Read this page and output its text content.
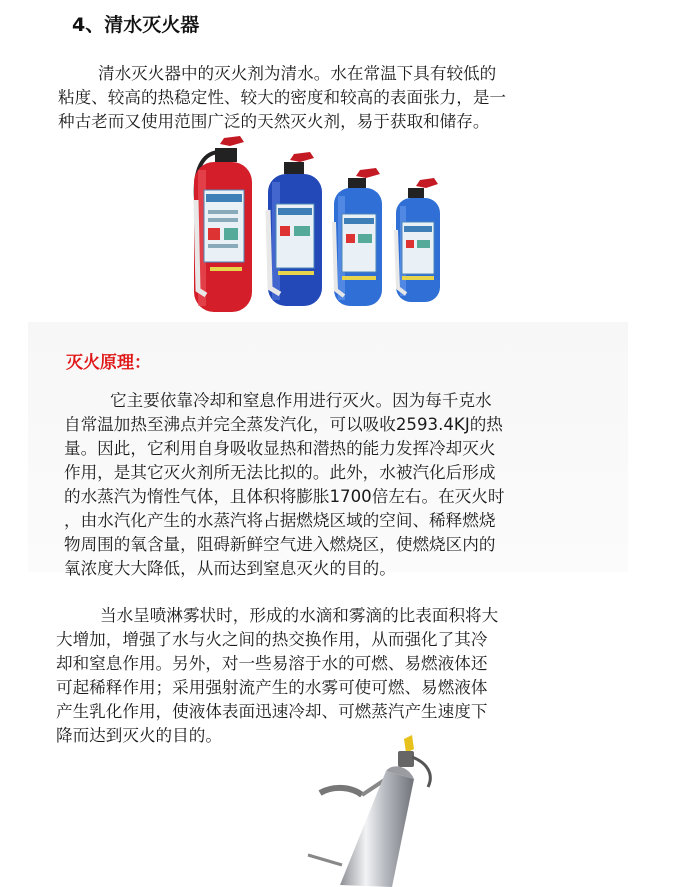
4、清水灭火器

清水灭火器中的灭火剂为清水。水在常温下具有较低的
粘度、较高的热稳定性、较大的密度和较高的表面张力，是一
种古老而又使用范围广泛的天然灭火剂，易于获取和储存。

灭火原理：

它主要依靠冷却和窒息作用进行灭火。因为每千克水
自常温加热至沸点并完全蒸发汽化，可以吸收2593.4KJ的热
量。因此，它利用自身吸收显热和潜热的能力发挥冷却灭火
作用，是其它灭火剂所无法比拟的。此外，水被汽化后形成
的水蒸汽为惰性气体，且体积将膨胀1700倍左右。在灭火时
，由水汽化产生的水蒸汽将占据燃烧区域的空间、稀释燃烧
物周围的氧含量，阻碍新鲜空气进入燃烧区，使燃烧区内的
氧浓度大大降低，从而达到窒息灭火的目的。

当水呈喷淋雾状时，形成的水滴和雾滴的比表面积将大
大增加，增强了水与火之间的热交换作用，从而强化了其冷
却和窒息作用。另外，对一些易溶于水的可燃、易燃液体还
可起稀释作用；采用强射流产生的水雾可使可燃、易燃液体
产生乳化作用，使液体表面迅速冷却、可燃蒸汽产生速度下
降而达到灭火的目的。
